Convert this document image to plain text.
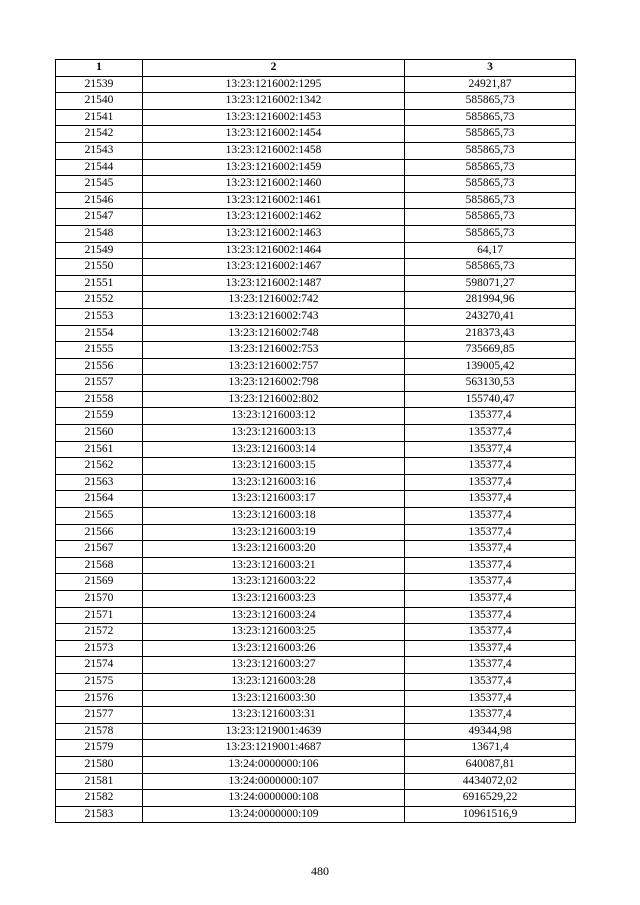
1	2	3
21539	13:23:1216002:1295	24921,87
21540	13:23:1216002:1342	585865,73
21541	13:23:1216002:1453	585865,73
21542	13:23:1216002:1454	585865,73
21543	13:23:1216002:1458	585865,73
21544	13:23:1216002:1459	585865,73
21545	13:23:1216002:1460	585865,73
21546	13:23:1216002:1461	585865,73
21547	13:23:1216002:1462	585865,73
21548	13:23:1216002:1463	585865,73
21549	13:23:1216002:1464	64,17
21550	13:23:1216002:1467	585865,73
21551	13:23:1216002:1487	598071,27
21552	13:23:1216002:742	281994,96
21553	13:23:1216002:743	243270,41
21554	13:23:1216002:748	218373,43
21555	13:23:1216002:753	735669,85
21556	13:23:1216002:757	139005,42
21557	13:23:1216002:798	563130,53
21558	13:23:1216002:802	155740,47
21559	13:23:1216003:12	135377,4
21560	13:23:1216003:13	135377,4
21561	13:23:1216003:14	135377,4
21562	13:23:1216003:15	135377,4
21563	13:23:1216003:16	135377,4
21564	13:23:1216003:17	135377,4
21565	13:23:1216003:18	135377,4
21566	13:23:1216003:19	135377,4
21567	13:23:1216003:20	135377,4
21568	13:23:1216003:21	135377,4
21569	13:23:1216003:22	135377,4
21570	13:23:1216003:23	135377,4
21571	13:23:1216003:24	135377,4
21572	13:23:1216003:25	135377,4
21573	13:23:1216003:26	135377,4
21574	13:23:1216003:27	135377,4
21575	13:23:1216003:28	135377,4
21576	13:23:1216003:30	135377,4
21577	13:23:1216003:31	135377,4
21578	13:23:1219001:4639	49344,98
21579	13:23:1219001:4687	13671,4
21580	13:24:0000000:106	640087,81
21581	13:24:0000000:107	4434072,02
21582	13:24:0000000:108	6916529,22
21583	13:24:0000000:109	10961516,9
480
